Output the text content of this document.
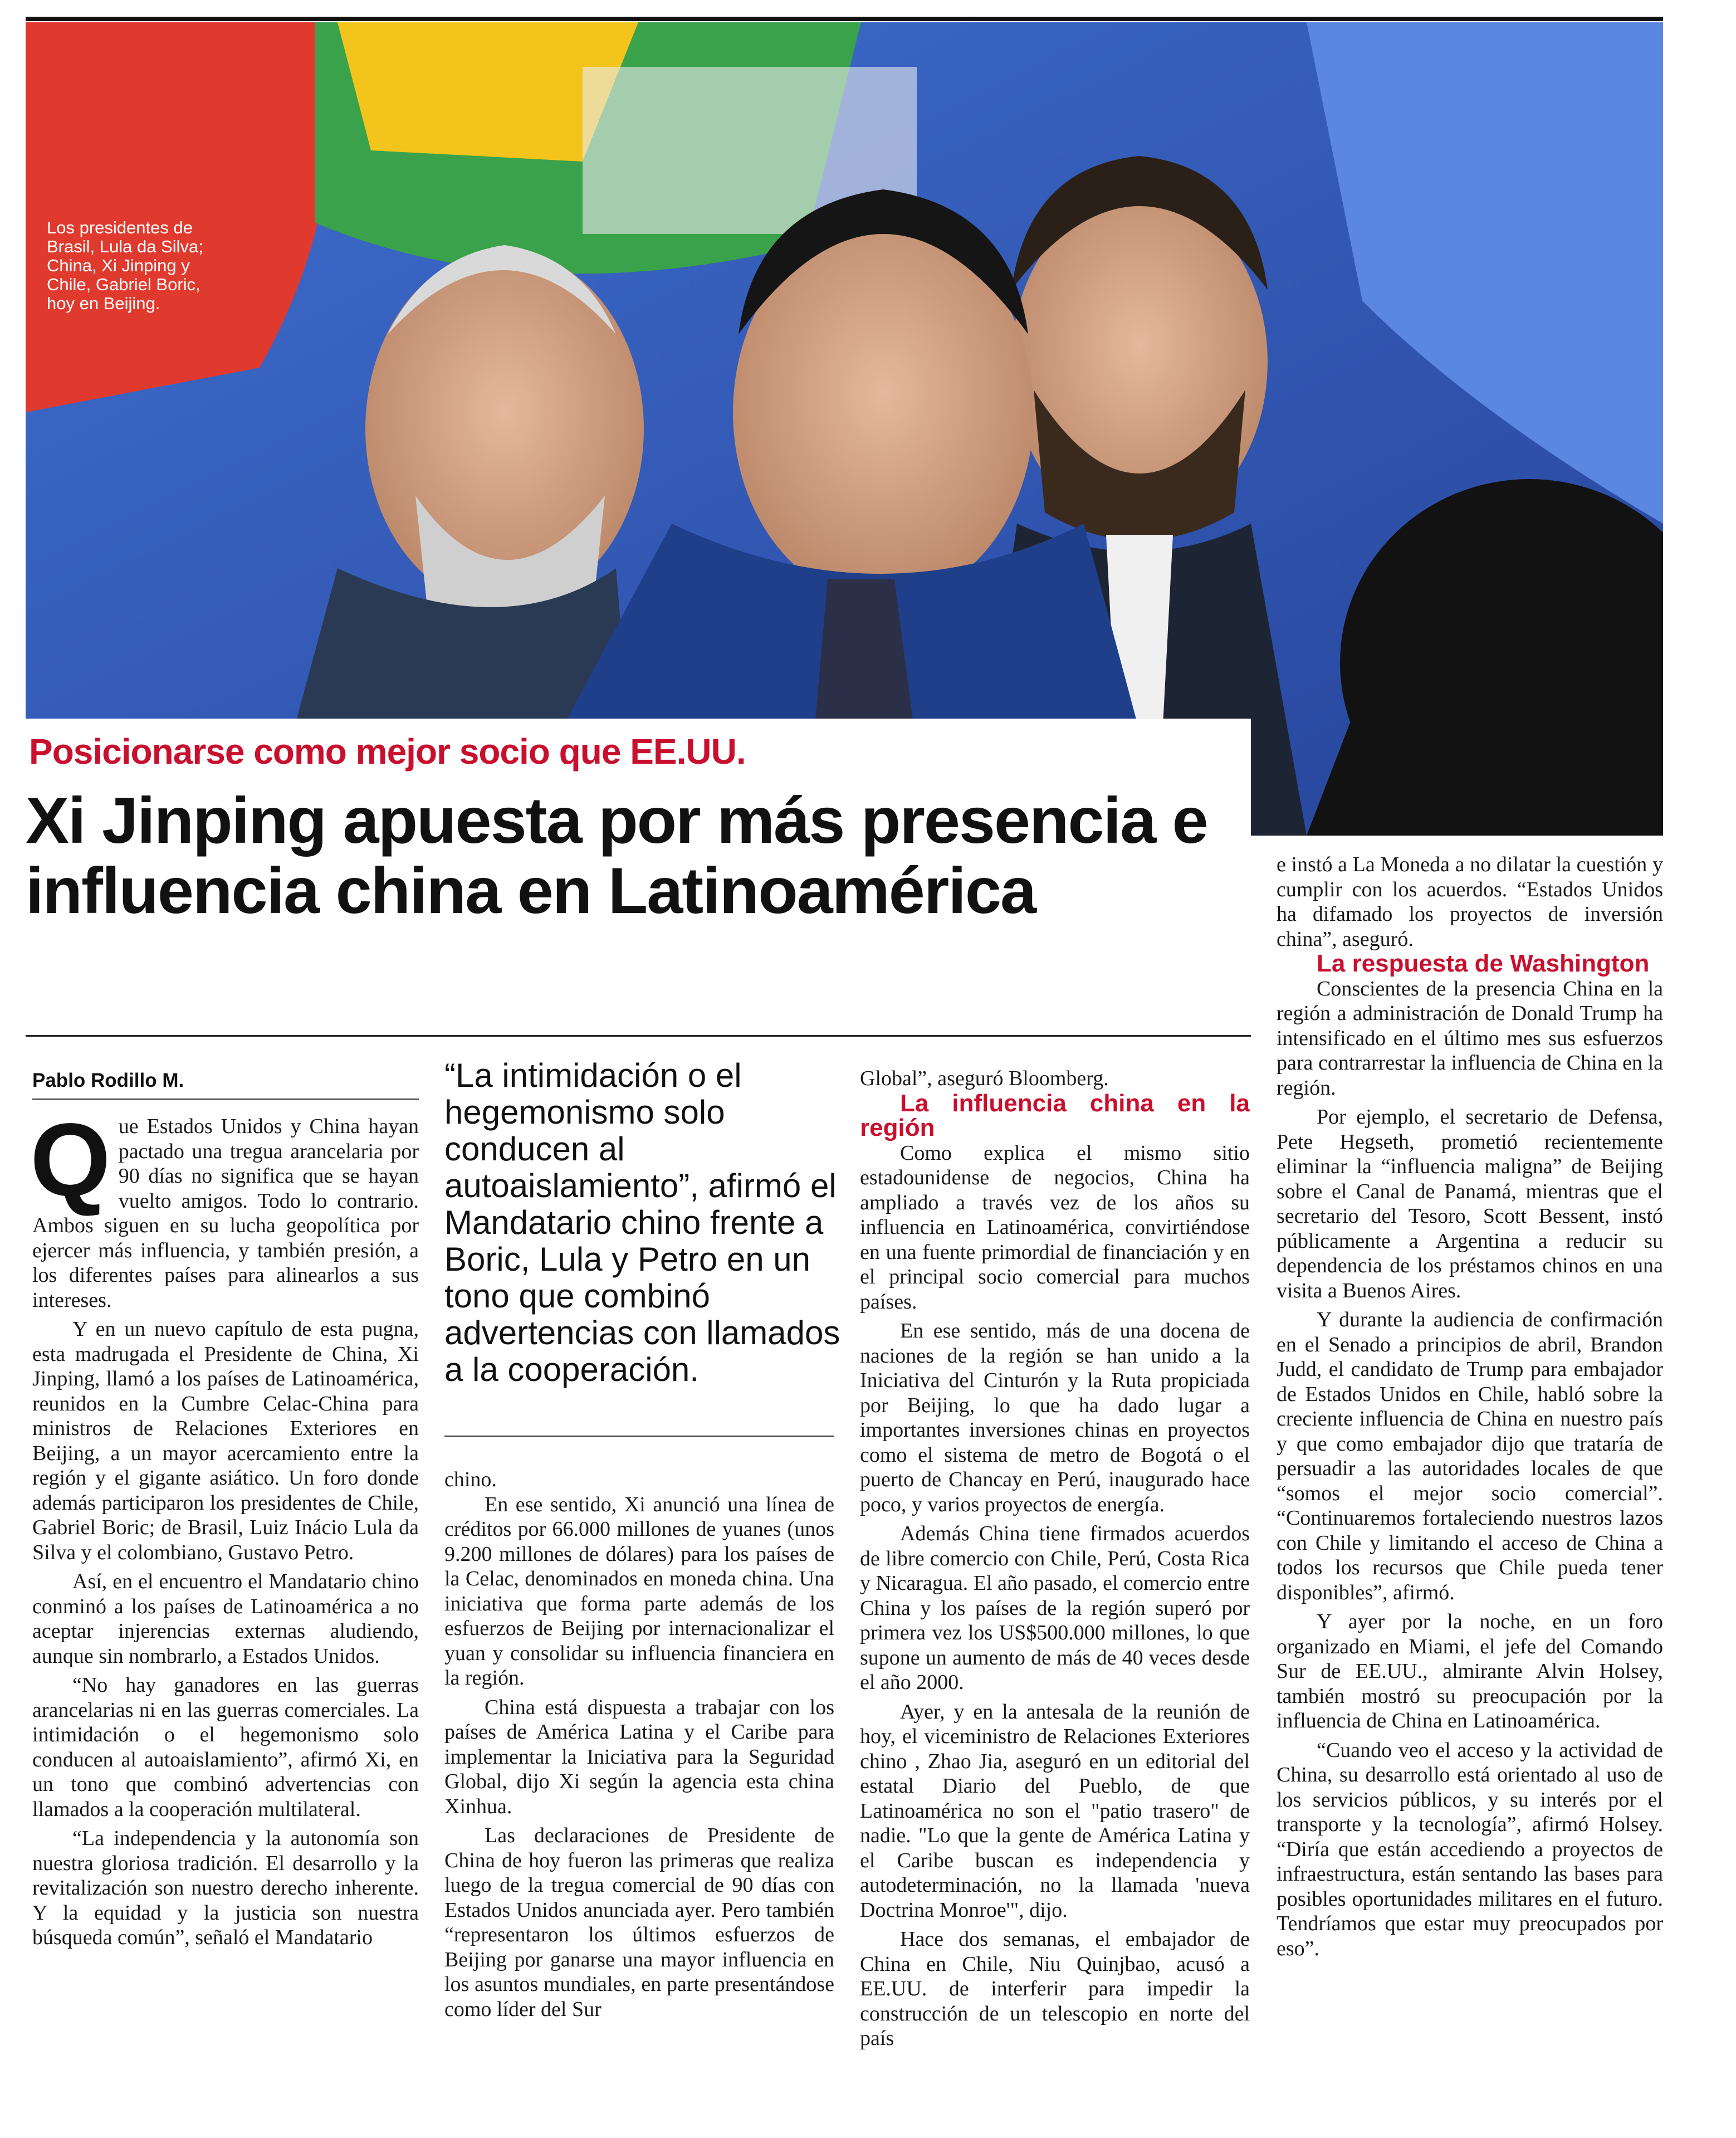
Los presidentes de Brasil, Lula da Silva; China, Xi Jinping y Chile, Gabriel Boric, hoy en Beijing.
Posicionarse como mejor socio que EE.UU.
Xi Jinping apuesta por más presencia e influencia china en Latinoamérica
Pablo Rodillo M.
Q ue Estados Unidos y China hayan pactado una tregua arancelaria por 90 días no significa que se hayan vuelto amigos. Todo lo contrario. Ambos siguen en su lucha geopolítica por ejercer más influencia, y también presión, a los diferentes países para alinearlos a sus intereses.

Y en un nuevo capítulo de esta pugna, esta madrugada el Presidente de China, Xi Jinping, llamó a los países de Latinoamérica, reunidos en la Cumbre Celac-China para ministros de Relaciones Exteriores en Beijing, a un mayor acercamiento entre la región y el gigante asiático. Un foro donde además participaron los presidentes de Chile, Gabriel Boric; de Brasil, Luiz Inácio Lula da Silva y el colombiano, Gustavo Petro.

Así, en el encuentro el Mandatario chino conminó a los países de Latinoamérica a no aceptar injerencias externas aludiendo, aunque sin nombrarlo, a Estados Unidos.

“No hay ganadores en las guerras arancelarias ni en las guerras comerciales. La intimidación o el hegemonismo solo conducen al autoaislamiento”, afirmó Xi, en un tono que combinó advertencias con llamados a la cooperación multilateral.

“La independencia y la autonomía son nuestra gloriosa tradición. El desarrollo y la revitalización son nuestro derecho inherente. Y la equidad y la justicia son nuestra búsqueda común”, señaló el Mandatario

“La intimidación o el hegemonismo solo conducen al autoaislamiento”, afirmó el Mandatario chino frente a Boric, Lula y Petro en un tono que combinó advertencias con llamados a la cooperación.

chino.

En ese sentido, Xi anunció una línea de créditos por 66.000 millones de yuanes (unos 9.200 millones de dólares) para los países de la Celac, denominados en moneda china. Una iniciativa que forma parte además de los esfuerzos de Beijing por internacionalizar el yuan y consolidar su influencia financiera en la región.

China está dispuesta a trabajar con los países de América Latina y el Caribe para implementar la Iniciativa para la Seguridad Global, dijo Xi según la agencia esta china Xinhua.

Las declaraciones de Presidente de China de hoy fueron las primeras que realiza luego de la tregua comercial de 90 días con Estados Unidos anunciada ayer. Pero también “representaron los últimos esfuerzos de Beijing por ganarse una mayor influencia en los asuntos mundiales, en parte presentándose como líder del Sur

Global”, aseguró Bloomberg.

La influencia china en la región

Como explica el mismo sitio estadounidense de negocios, China ha ampliado a través vez de los años su influencia en Latinoamérica, convirtiéndose en una fuente primordial de financiación y en el principal socio comercial para muchos países.

En ese sentido, más de una docena de naciones de la región se han unido a la Iniciativa del Cinturón y la Ruta propiciada por Beijing, lo que ha dado lugar a importantes inversiones chinas en proyectos como el sistema de metro de Bogotá o el puerto de Chancay en Perú, inaugurado hace poco, y varios proyectos de energía.

Además China tiene firmados acuerdos de libre comercio con Chile, Perú, Costa Rica y Nicaragua. El año pasado, el comercio entre China y los países de la región superó por primera vez los US$500.000 millones, lo que supone un aumento de más de 40 veces desde el año 2000.

Ayer, y en la antesala de la reunión de hoy, el viceministro de Relaciones Exteriores chino , Zhao Jia, aseguró en un editorial del estatal Diario del Pueblo, de que Latinoamérica no son el "patio trasero" de nadie. "Lo que la gente de América Latina y el Caribe buscan es independencia y autodeterminación, no la llamada 'nueva Doctrina Monroe'", dijo.

Hace dos semanas, el embajador de China en Chile, Niu Quinjbao, acusó a EE.UU. de interferir para impedir la construcción de un telescopio en norte del país

e instó a La Moneda a no dilatar la cuestión y cumplir con los acuerdos. “Estados Unidos ha difamado los proyectos de inversión china”, aseguró.

La respuesta de Washington

Conscientes de la presencia China en la región a administración de Donald Trump ha intensificado en el último mes sus esfuerzos para contrarrestar la influencia de China en la región.

Por ejemplo, el secretario de Defensa, Pete Hegseth, prometió recientemente eliminar la “influencia maligna” de Beijing sobre el Canal de Panamá, mientras que el secretario del Tesoro, Scott Bessent, instó públicamente a Argentina a reducir su dependencia de los préstamos chinos en una visita a Buenos Aires.

Y durante la audiencia de confirmación en el Senado a principios de abril, Brandon Judd, el candidato de Trump para embajador de Estados Unidos en Chile, habló sobre la creciente influencia de China en nuestro país y que como embajador dijo que trataría de persuadir a las autoridades locales de que “somos el mejor socio comercial”. “Continuaremos fortaleciendo nuestros lazos con Chile y limitando el acceso de China a todos los recursos que Chile pueda tener disponibles”, afirmó.

Y ayer por la noche, en un foro organizado en Miami, el jefe del Comando Sur de EE.UU., almirante Alvin Holsey, también mostró su preocupación por la influencia de China en Latinoamérica.

“Cuando veo el acceso y la actividad de China, su desarrollo está orientado al uso de los servicios públicos, y su interés por el transporte y la tecnología”, afirmó Holsey. “Diría que están accediendo a proyectos de infraestructura, están sentando las bases para posibles oportunidades militares en el futuro. Tendríamos que estar muy preocupados por eso”.
